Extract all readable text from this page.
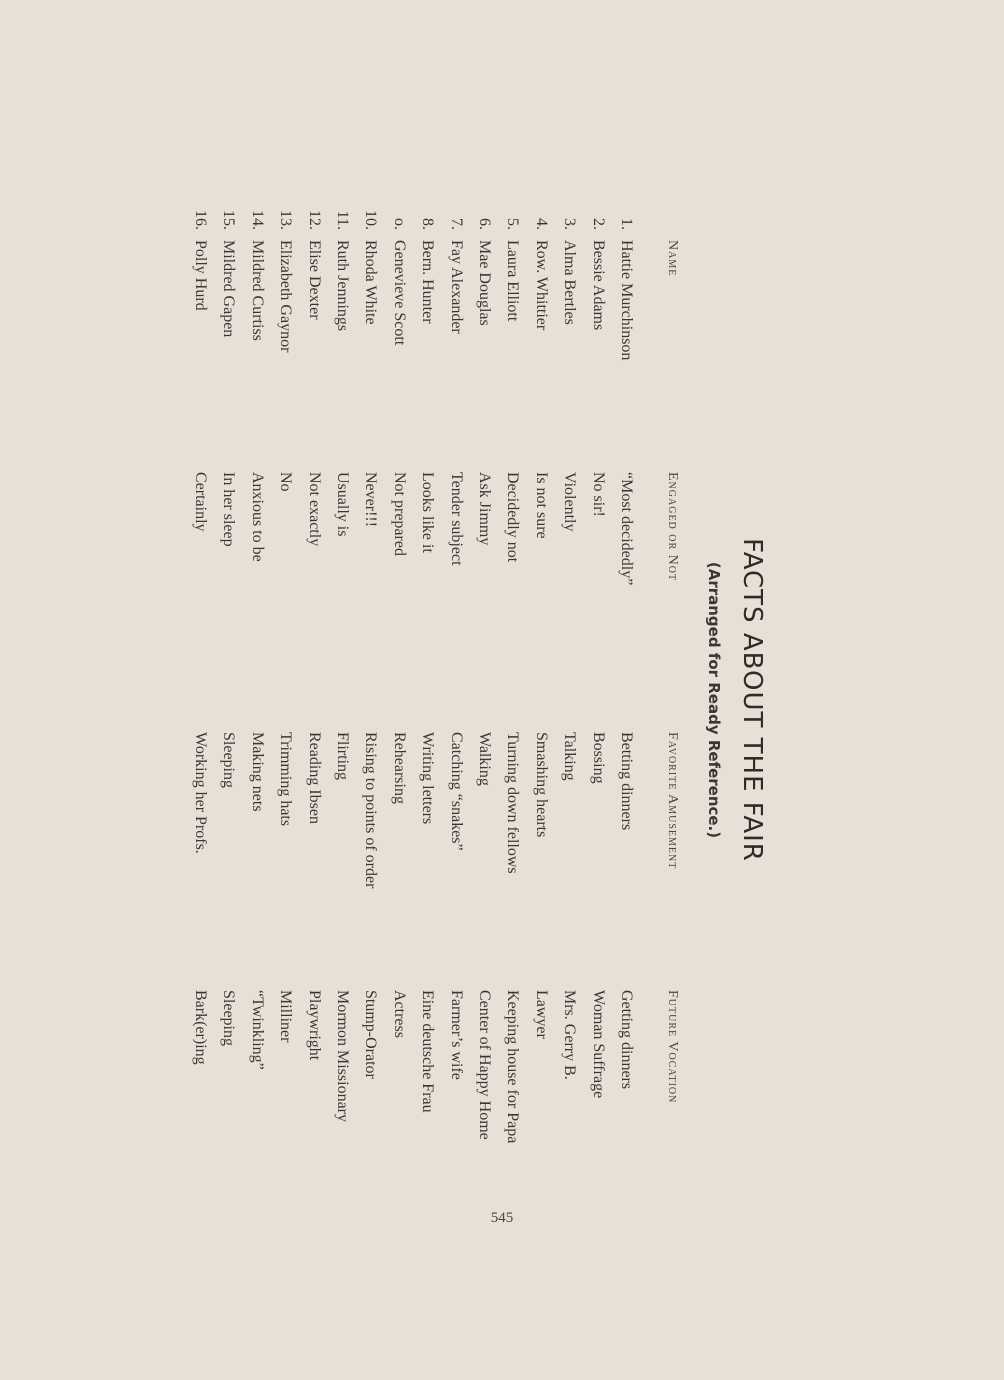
FACTS ABOUT THE FAIR
(Arranged for Ready Reference.)
Name
Engaged or Not
Favorite Amusement
Future Vocation
1.
Hattie Murchinson
“Most decidedly”
Betting dinners
Getting dinners
2.
Bessie Adams
No sir!
Bossing
Woman Suffrage
3.
Alma Bertles
Violently
Talking
Mrs. Gerry B.
4.
Row. Whittier
Is not sure
Smashing hearts
Lawyer
5.
Laura Elliott
Decidedly not
Turning down fellows
Keeping house for Papa
6.
Mae Douglas
Ask Jimmy
Walking
Center of Happy Home
7.
Fay Alexander
Tender subject
Catching “snakes”
Farmer’s wife
8.
Bern. Hunter
Looks like it
Writing letters
Eine deutsche Frau
o.
Genevieve Scott
Not prepared
Rehearsing
Actress
10.
Rhoda White
Never!!!
Rising to points of order
Stump-Orator
11.
Ruth Jennings
Usually is
Flirting
Mormon Missionary
12.
Elise Dexter
Not exactly
Reading Ibsen
Playwright
13.
Elizabeth Gaynor
No
Trimming hats
Milliner
14.
Mildred Curtiss
Anxious to be
Making nets
“Twinkling”
15.
Mildred Gapen
In her sleep
Sleeping
Sleeping
16.
Polly Hurd
Certainly
Working her Profs.
Bark(er)ing
545
